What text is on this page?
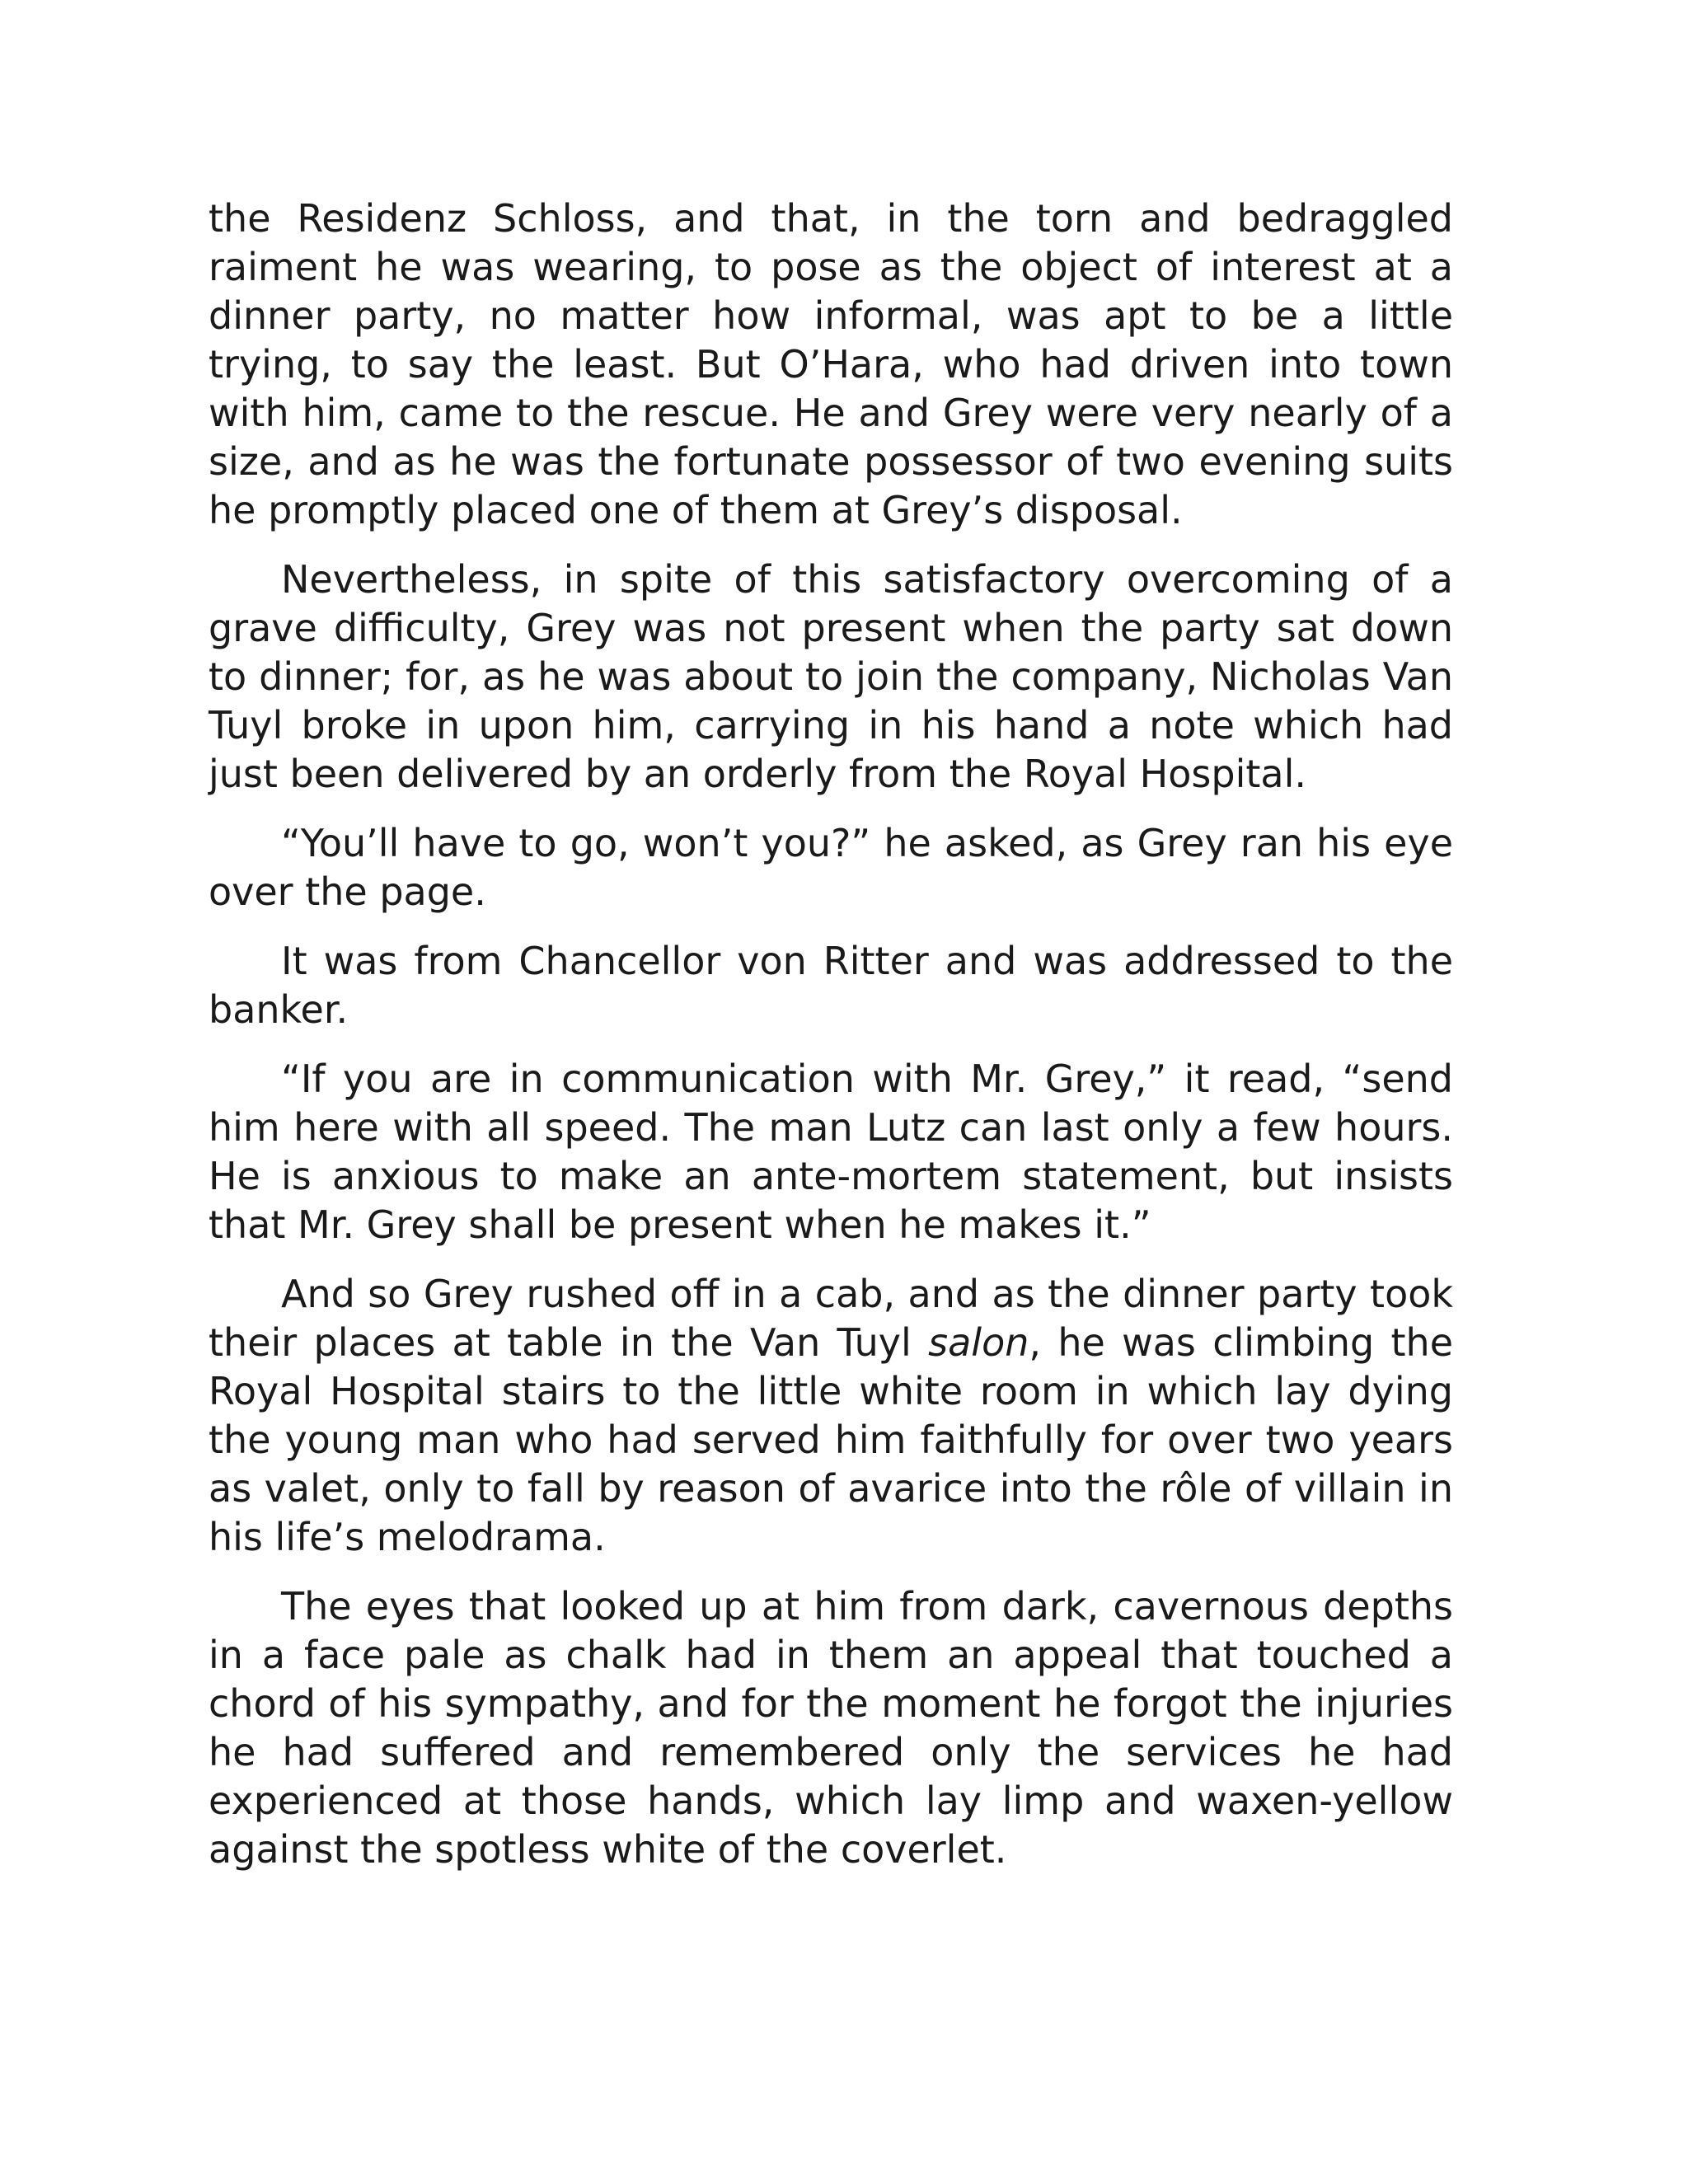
the Residenz Schloss, and that, in the torn and bedraggled raiment he was wearing, to pose as the object of interest at a dinner party, no matter how informal, was apt to be a little trying, to say the least. But O’Hara, who had driven into town with him, came to the rescue. He and Grey were very nearly of a size, and as he was the fortunate possessor of two evening suits he promptly placed one of them at Grey’s disposal.

Nevertheless, in spite of this satisfactory overcoming of a grave difficulty, Grey was not present when the party sat down to dinner; for, as he was about to join the company, Nicholas Van Tuyl broke in upon him, carrying in his hand a note which had just been delivered by an orderly from the Royal Hospital.

“You’ll have to go, won’t you?” he asked, as Grey ran his eye over the page.

It was from Chancellor von Ritter and was addressed to the banker.

“If you are in communication with Mr. Grey,” it read, “send him here with all speed. The man Lutz can last only a few hours. He is anxious to make an ante-mortem statement, but insists that Mr. Grey shall be present when he makes it.”

And so Grey rushed off in a cab, and as the dinner party took their places at table in the Van Tuyl salon, he was climbing the Royal Hospital stairs to the little white room in which lay dying the young man who had served him faithfully for over two years as valet, only to fall by reason of avarice into the rôle of villain in his life’s melodrama.

The eyes that looked up at him from dark, cavernous depths in a face pale as chalk had in them an appeal that touched a chord of his sympathy, and for the moment he forgot the injuries he had suffered and remembered only the services he had experienced at those hands, which lay limp and waxen-yellow against the spotless white of the coverlet.
